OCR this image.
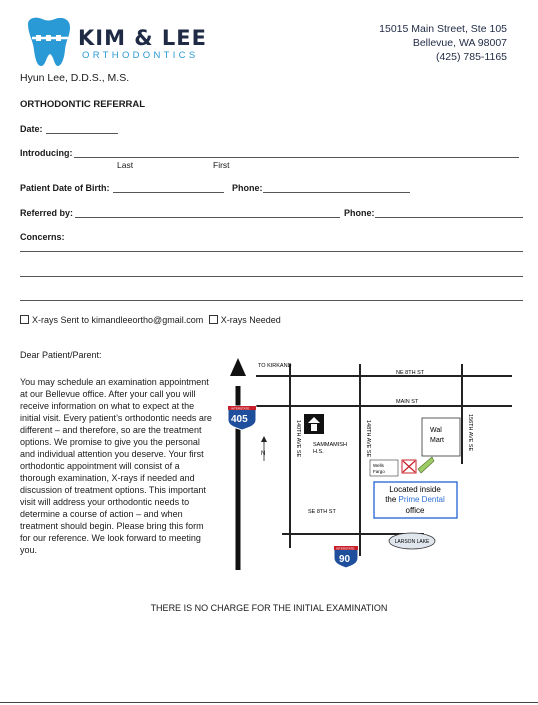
KIM & LEE
ORTHODONTICS
15015 Main Street, Ste 105
Bellevue, WA 98007
(425) 785-1165
Hyun Lee, D.D.S., M.S.
ORTHODONTIC REFERRAL
Date:
Introducing:
Last	First
Patient Date of Birth:	Phone:
Referred by:	Phone:
Concerns:
X-rays Sent to kimandleeortho@gmail.com X-rays Needed
Dear Patient/Parent:
You may schedule an examination appointment at our Bellevue office. After your call you will receive information on what to expect at the initial visit. Every patient’s orthodontic needs are different – and therefore, so are the treatment options. We promise to give you the personal and individual attention you deserve. Your first orthodontic appointment will consist of a thorough examination, X-rays if needed and discussion of treatment options. This important visit will address your orthodontic needs to determine a course of action – and when treatment should begin. Please bring this form for our reference. We look forward to meeting you.
TO KIRKAND
NE 8TH ST
MAIN ST
SE 8TH ST
140TH AVE SE	148TH AVE SE	156TH AVE SE
INTERSTATE
405
N
SAMMAMISH
H.S.
Wal
Mart
Wells
Fargo
Located inside
the Prime Dental
office
LARSON LAKE
INTERSTATE
90
THERE IS NO CHARGE FOR THE INITIAL EXAMINATION
